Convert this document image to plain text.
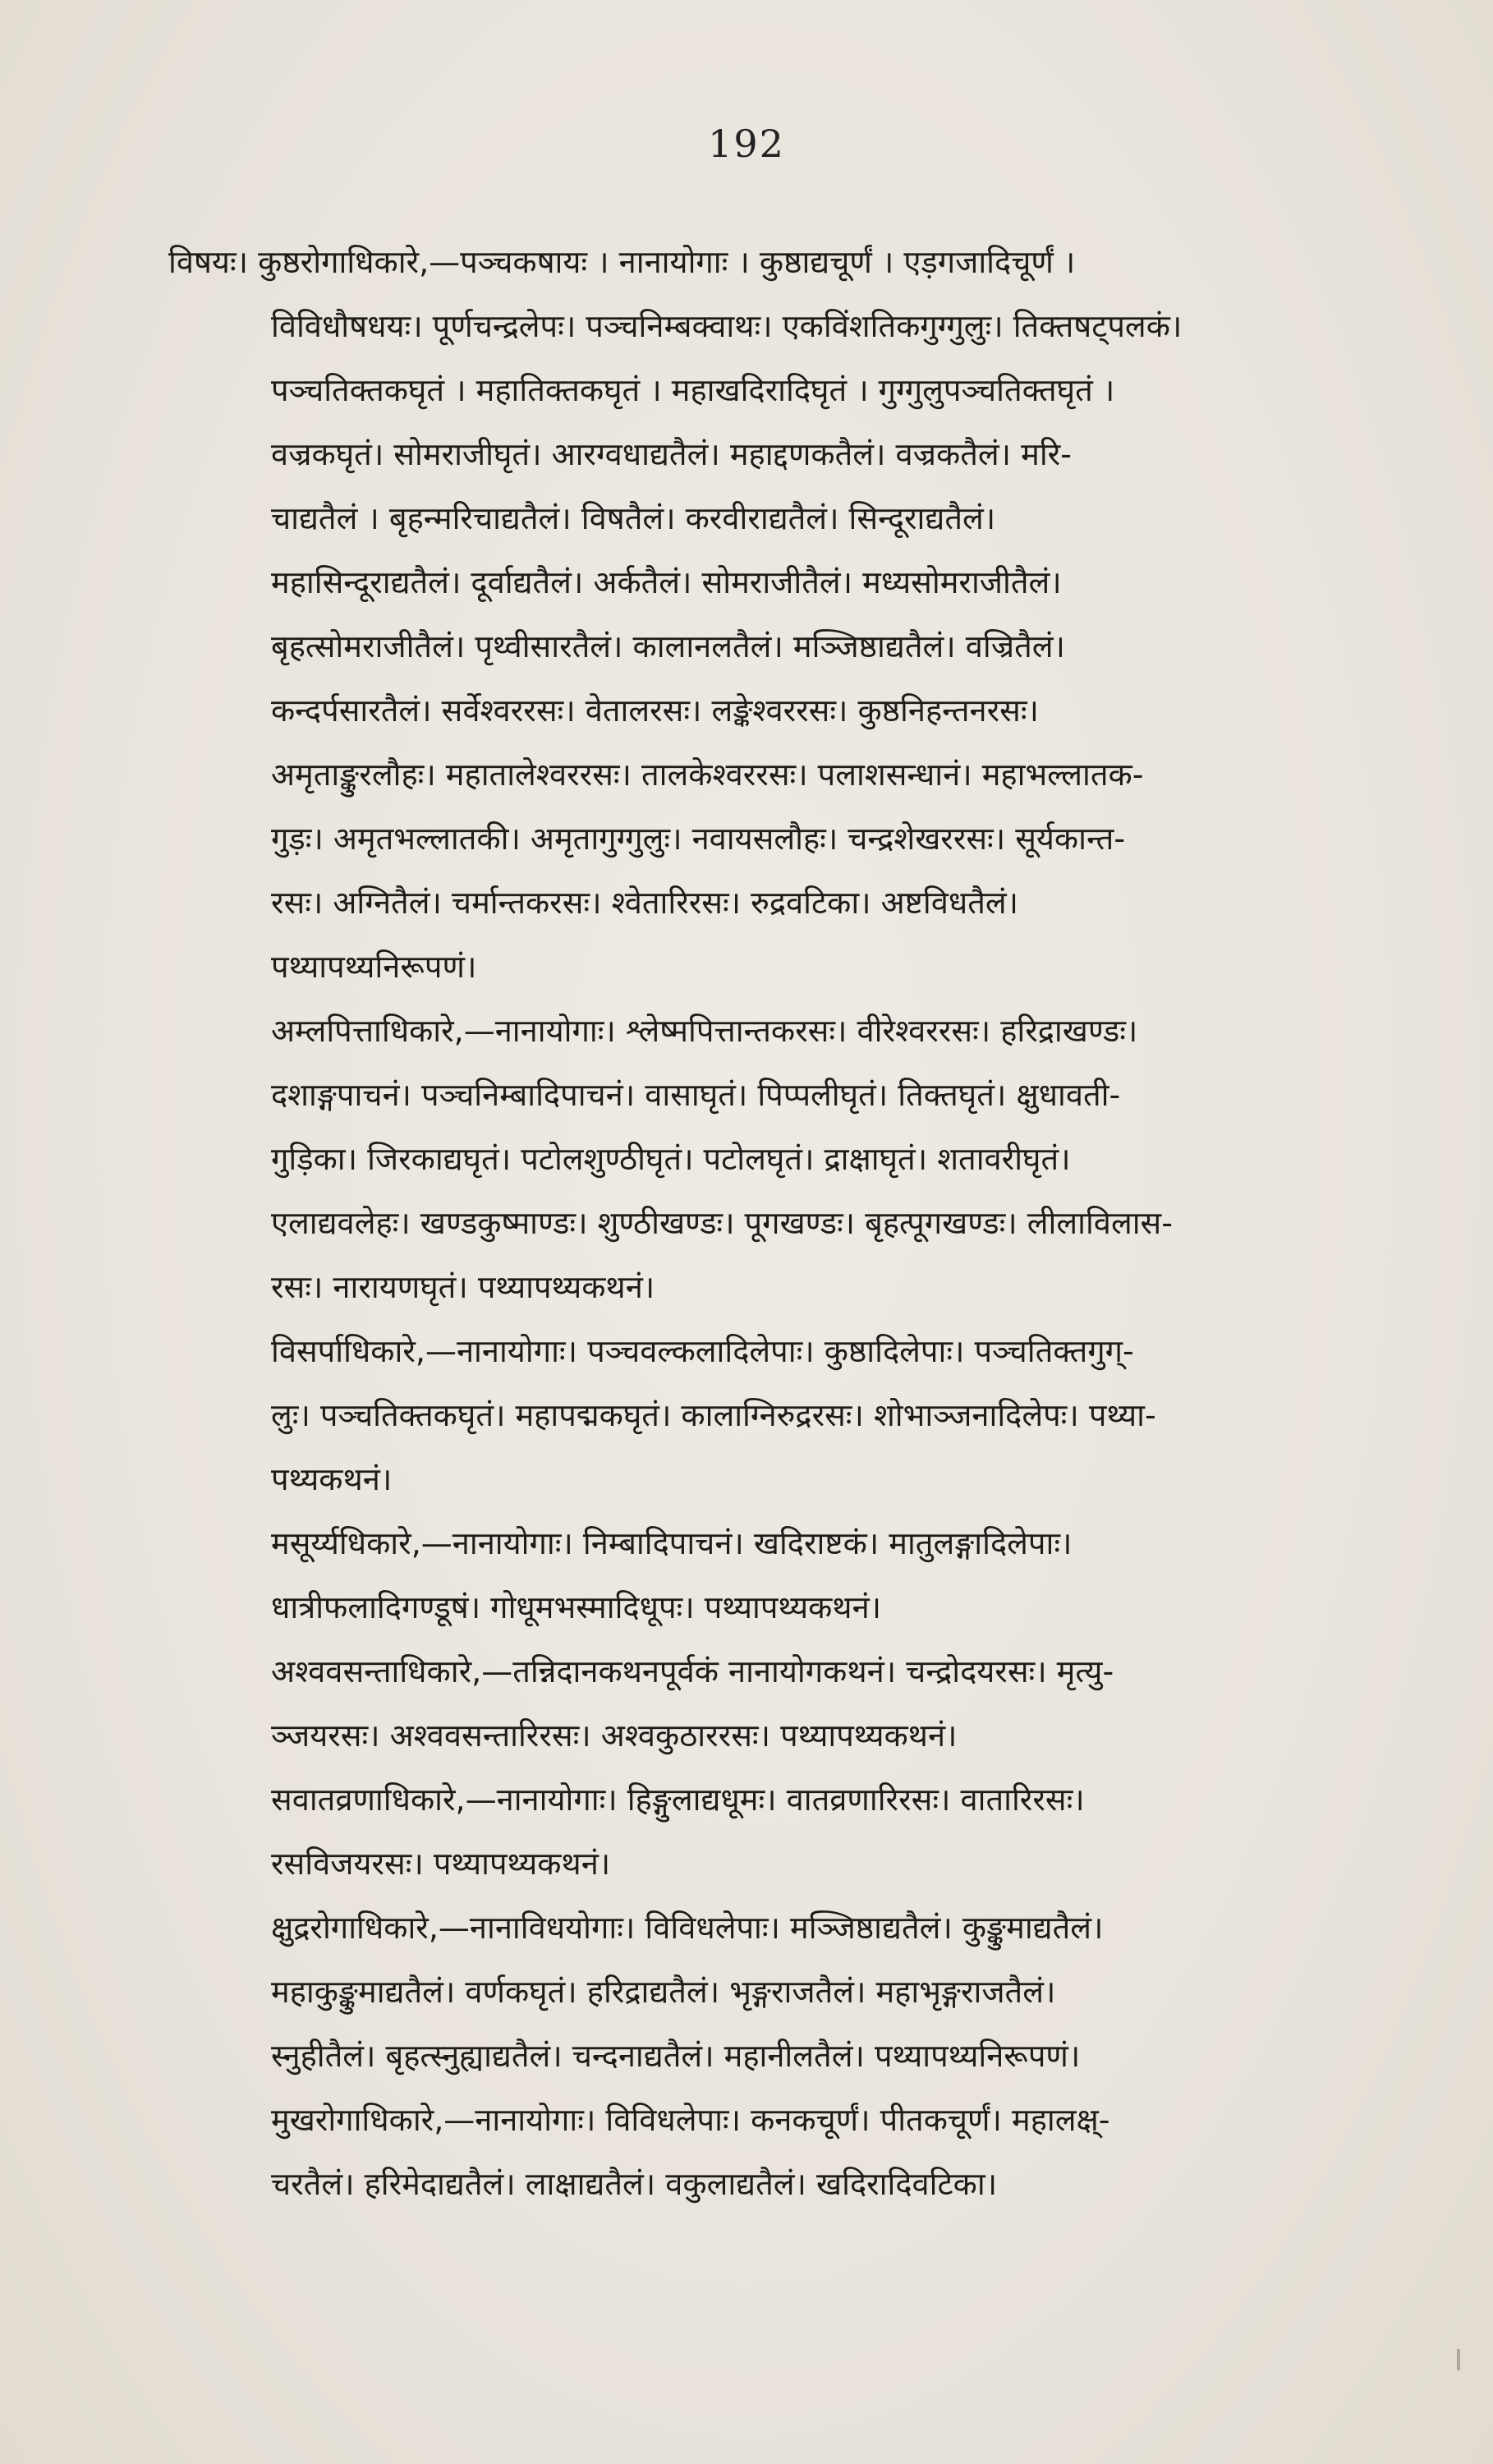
192
विषयः। कुष्ठरोगाधिकारे,—पञ्चकषायः । नानायोगाः । कुष्ठाद्यचूर्णं । एड़गजादिचूर्णं ।
विविधौषधयः। पूर्णचन्द्रलेपः। पञ्चनिम्बक्वाथः। एकविंशतिकगुग्गुलुः। तिक्तषट्पलकं।
पञ्चतिक्तकघृतं । महातिक्तकघृतं । महाखदिरादिघृतं । गुग्गुलुपञ्चतिक्तघृतं ।
वज्रकघृतं। सोमराजीघृतं। आरग्वधाद्यतैलं। महाद्दणकतैलं। वज्रकतैलं। मरि-
चाद्यतैलं । बृहन्मरिचाद्यतैलं। विषतैलं। करवीराद्यतैलं। सिन्दूराद्यतैलं।
महासिन्दूराद्यतैलं। दूर्वाद्यतैलं। अर्कतैलं। सोमराजीतैलं। मध्यसोमराजीतैलं।
बृहत्सोमराजीतैलं। पृथ्वीसारतैलं। कालानलतैलं। मञ्जिष्ठाद्यतैलं। वज्रितैलं।
कन्दर्पसारतैलं। सर्वेश्वररसः। वेतालरसः। लङ्केश्वररसः। कुष्ठनिहन्तनरसः।
अमृताङ्कुरलौहः। महातालेश्वररसः। तालकेश्वररसः। पलाशसन्धानं। महाभल्लातक-
गुड़ः। अमृतभल्लातकी। अमृतागुग्गुलुः। नवायसलौहः। चन्द्रशेखररसः। सूर्यकान्त-
रसः। अग्नितैलं। चर्मान्तकरसः। श्वेतारिरसः। रुद्रवटिका। अष्टविधतैलं।
पथ्यापथ्यनिरूपणं।
अम्लपित्ताधिकारे,—नानायोगाः। श्लेष्मपित्तान्तकरसः। वीरेश्वररसः। हरिद्राखण्डः।
दशाङ्गपाचनं। पञ्चनिम्बादिपाचनं। वासाघृतं। पिप्पलीघृतं। तिक्तघृतं। क्षुधावती-
गुड़िका। जिरकाद्यघृतं। पटोलशुण्ठीघृतं। पटोलघृतं। द्राक्षाघृतं। शतावरीघृतं।
एलाद्यवलेहः। खण्डकुष्माण्डः। शुण्ठीखण्डः। पूगखण्डः। बृहत्पूगखण्डः। लीलाविलास-
रसः। नारायणघृतं। पथ्यापथ्यकथनं।
विसर्पाधिकारे,—नानायोगाः। पञ्चवल्कलादिलेपाः। कुष्ठादिलेपाः। पञ्चतिक्तगुग्-
लुः। पञ्चतिक्तकघृतं। महापद्मकघृतं। कालाग्निरुद्ररसः। शोभाञ्जनादिलेपः। पथ्या-
पथ्यकथनं।
मसूर्य्यधिकारे,—नानायोगाः। निम्बादिपाचनं। खदिराष्टकं। मातुलङ्गादिलेपाः।
धात्रीफलादिगण्डूषं। गोधूमभस्मादिधूपः। पथ्यापथ्यकथनं।
अश्ववसन्ताधिकारे,—तन्निदानकथनपूर्वकं नानायोगकथनं। चन्द्रोदयरसः। मृत्यु-
ञ्जयरसः। अश्ववसन्तारिरसः। अश्वकुठाररसः। पथ्यापथ्यकथनं।
सवातव्रणाधिकारे,—नानायोगाः। हिङ्गुलाद्यधूमः। वातव्रणारिरसः। वातारिरसः।
रसविजयरसः। पथ्यापथ्यकथनं।
क्षुद्ररोगाधिकारे,—नानाविधयोगाः। विविधलेपाः। मञ्जिष्ठाद्यतैलं। कुङ्कुमाद्यतैलं।
महाकुङ्कुमाद्यतैलं। वर्णकघृतं। हरिद्राद्यतैलं। भृङ्गराजतैलं। महाभृङ्गराजतैलं।
स्नुहीतैलं। बृहत्स्नुह्याद्यतैलं। चन्दनाद्यतैलं। महानीलतैलं। पथ्यापथ्यनिरूपणं।
मुखरोगाधिकारे,—नानायोगाः। विविधलेपाः। कनकचूर्णं। पीतकचूर्णं। महालक्ष्-
चरतैलं। हरिमेदाद्यतैलं। लाक्षाद्यतैलं। वकुलाद्यतैलं। खदिरादिवटिका।
